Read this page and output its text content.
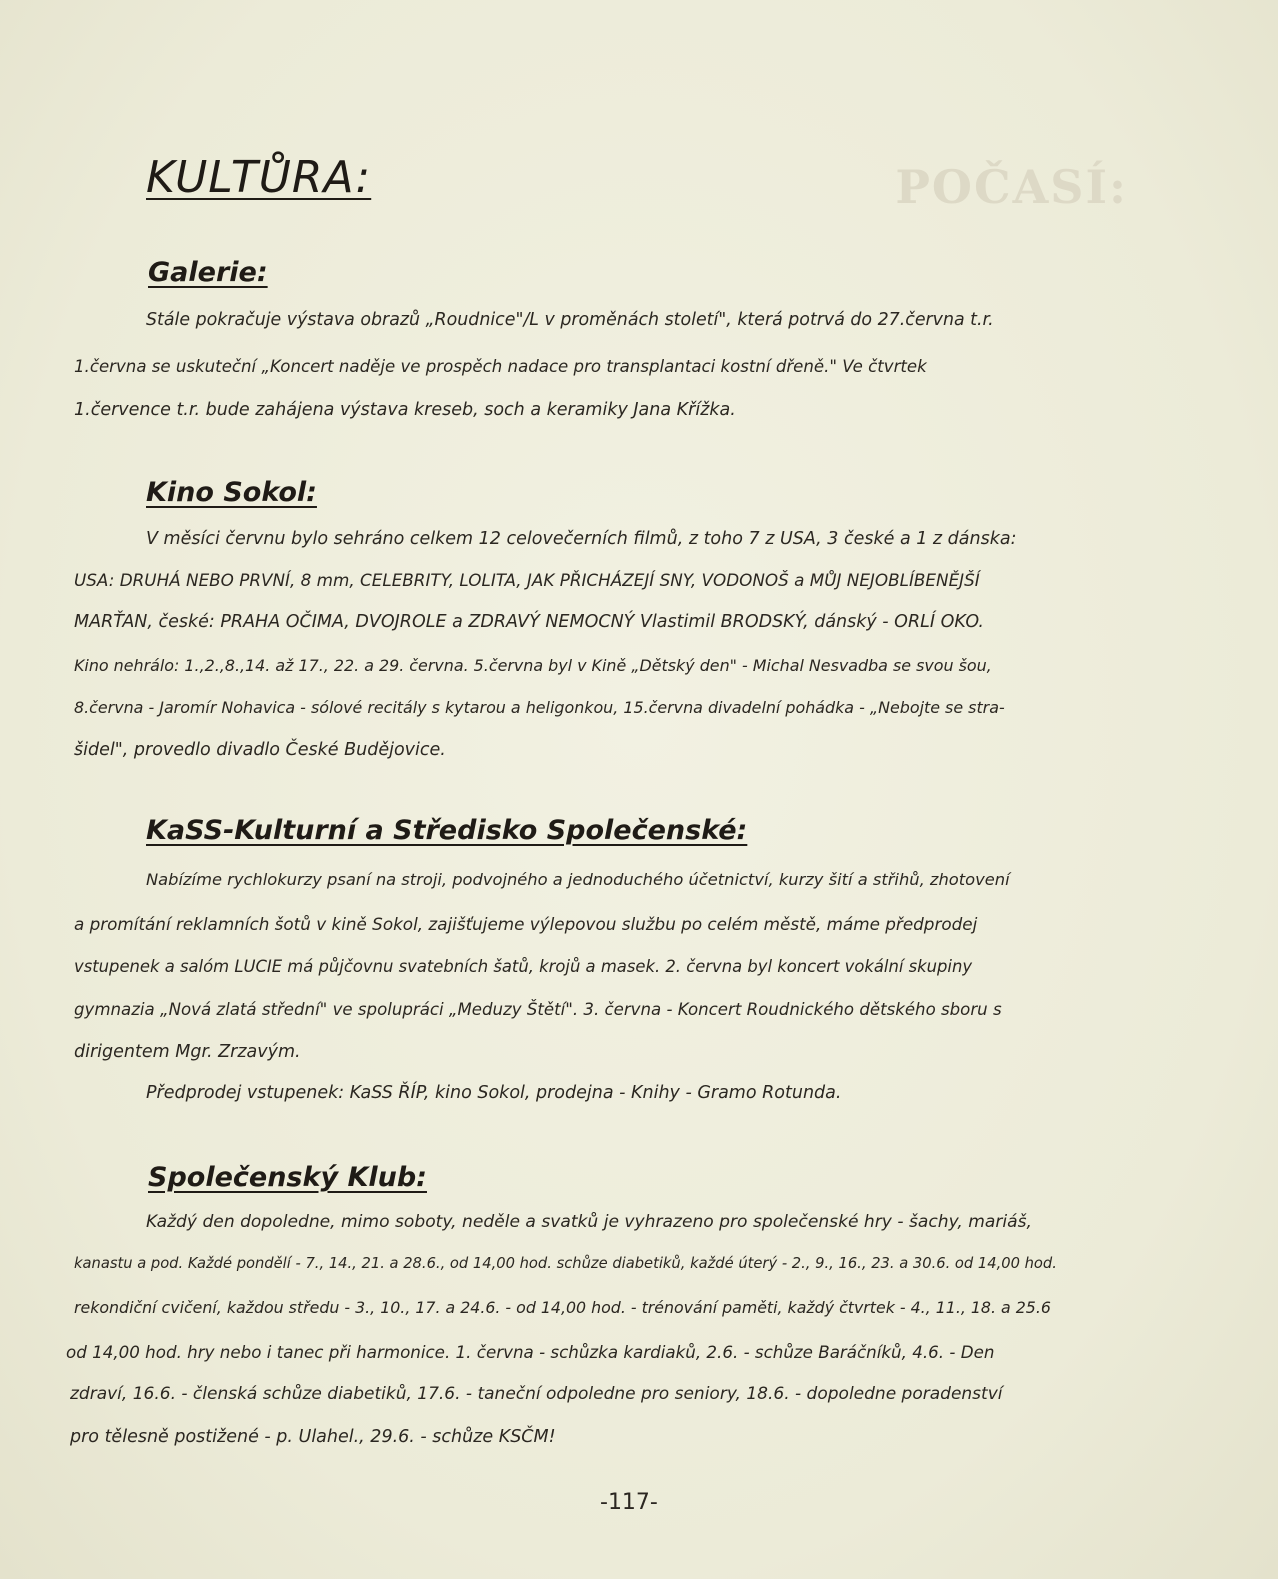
POČASÍ:
KULTŮRA:
Galerie:
Stále pokračuje výstava obrazů „Roudnice"/L v proměnách století", která potrvá do 27.června t.r.
1.června se uskuteční „Koncert naděje ve prospěch nadace pro transplantaci kostní dřeně." Ve čtvrtek
1.července t.r. bude zahájena výstava kreseb, soch a keramiky Jana Křížka.
Kino Sokol:
V měsíci červnu bylo sehráno celkem 12 celovečerních filmů, z toho 7 z USA, 3 české a 1 z dánska:
USA: DRUHÁ NEBO PRVNÍ, 8 mm, CELEBRITY, LOLITA, JAK PŘICHÁZEJÍ SNY, VODONOŠ a MŮJ NEJOBLÍBENĚJŠÍ
MARŤAN, české: PRAHA OČIMA, DVOJROLE a ZDRAVÝ NEMOCNÝ Vlastimil BRODSKÝ, dánský - ORLÍ OKO.
Kino nehrálo: 1.,2.,8.,14. až 17., 22. a 29. června. 5.června byl v Kině „Dětský den" - Michal Nesvadba se svou šou,
8.června - Jaromír Nohavica - sólové recitály s kytarou a heligonkou, 15.června divadelní pohádka - „Nebojte se stra-
šidel", provedlo divadlo České Budějovice.
KaSS-Kulturní a Středisko Společenské:
Nabízíme rychlokurzy psaní na stroji, podvojného a jednoduchého účetnictví, kurzy šití a střihů, zhotovení
a promítání reklamních šotů v kině Sokol, zajišťujeme výlepovou službu po celém městě, máme předprodej
vstupenek a salóm LUCIE má půjčovnu svatebních šatů, krojů a masek. 2. června byl koncert vokální skupiny
gymnazia „Nová zlatá střední" ve spolupráci „Meduzy Štětí". 3. června - Koncert Roudnického dětského sboru s
dirigentem Mgr. Zrzavým.
Předprodej vstupenek: KaSS ŘÍP, kino Sokol, prodejna - Knihy - Gramo Rotunda.
Společenský Klub:
Každý den dopoledne, mimo soboty, neděle a svatků je vyhrazeno pro společenské hry - šachy, mariáš,
kanastu a pod. Každé pondělí - 7., 14., 21. a 28.6., od 14,00 hod. schůze diabetiků, každé úterý - 2., 9., 16., 23. a 30.6. od 14,00 hod.
rekondiční cvičení, každou středu - 3., 10., 17. a 24.6. - od 14,00 hod. - trénování paměti, každý čtvrtek - 4., 11., 18. a 25.6
od 14,00 hod. hry nebo i tanec při harmonice. 1. června - schůzka kardiaků, 2.6. - schůze Baráčníků, 4.6. - Den
zdraví, 16.6. - členská schůze diabetiků, 17.6. - taneční odpoledne pro seniory, 18.6. - dopoledne poradenství
pro tělesně postižené - p. Ulahel., 29.6. - schůze KSČM!
-117-
